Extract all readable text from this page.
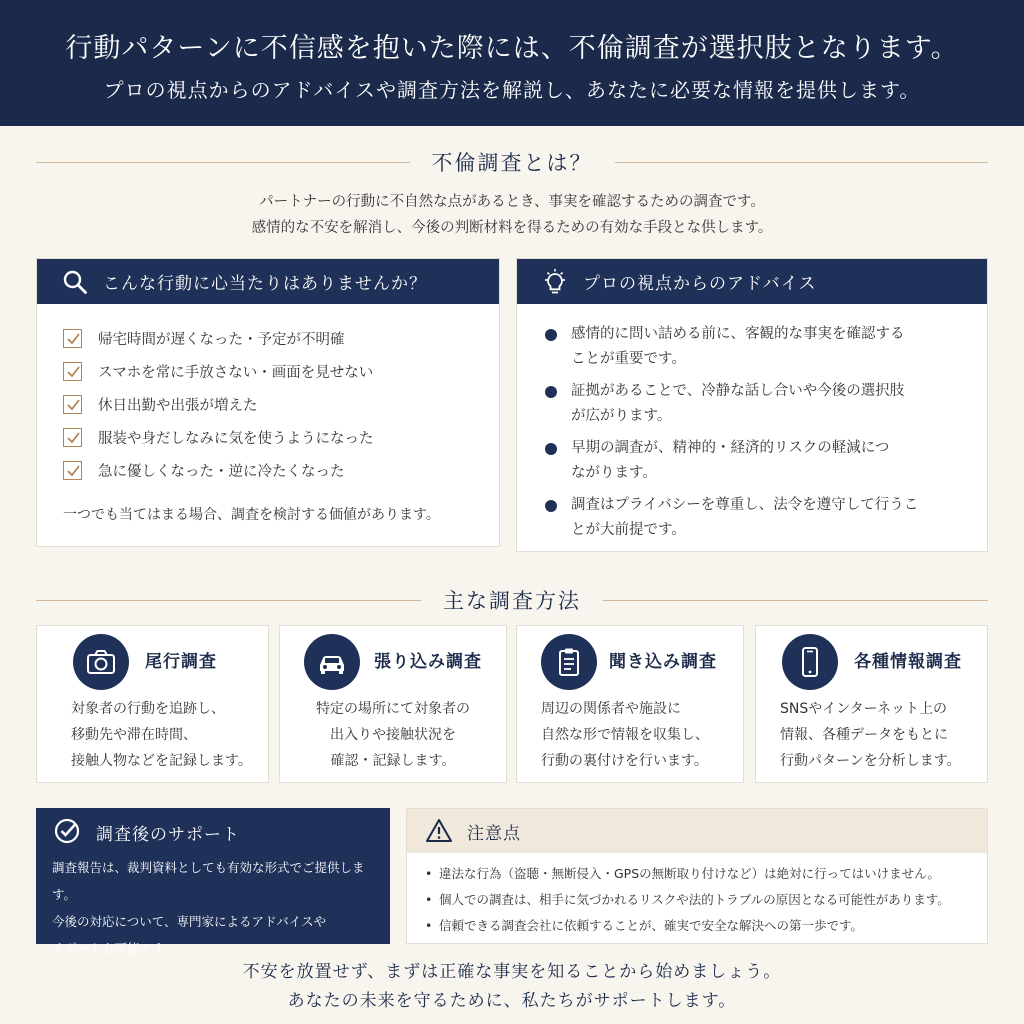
行動パターンに不信感を抱いた際には、不倫調査が選択肢となります。
プロの視点からのアドバイスや調査方法を解説し、あなたに必要な情報を提供します。
不倫調査とは？
パートナーの行動に不自然な点があるとき、事実を確認するための調査です。
感情的な不安を解消し、今後の判断材料を得るための有効な手段とな供します。
こんな行動に心当たりはありませんか？
帰宅時間が遅くなった・予定が不明確
スマホを常に手放さない・画面を見せない
休日出勤や出張が増えた
服装や身だしなみに気を使うようになった
急に優しくなった・逆に冷たくなった
一つでも当てはまる場合、調査を検討する価値があります。
プロの視点からのアドバイス
感情的に問い詰める前に、客観的な事実を確認する
ことが重要です。
証拠があることで、冷静な話し合いや今後の選択肢
が広がります。
早期の調査が、精神的・経済的リスクの軽減につ
ながります。
調査はプライバシーを尊重し、法令を遵守して行うこ
とが大前提です。
主な調査方法
尾行調査
対象者の行動を追跡し、
移動先や滞在時間、
接触人物などを記録します。
張り込み調査
特定の場所にて対象者の
出入りや接触状況を
確認・記録します。
聞き込み調査
周辺の関係者や施設に
自然な形で情報を収集し、
行動の裏付けを行います。
各種情報調査
SNSやインターネット上の
情報、各種データをもとに
行動パターンを分析します。
調査後のサポート
調査報告は、裁判資料としても有効な形式でご提供します。
今後の対応について、専門家によるアドバイスや
サポートも可能です。
注意点
• 違法な行為（盗聴・無断侵入・GPSの無断取り付けなど）は絶対に行ってはいけません。
• 個人での調査は、相手に気づかれるリスクや法的トラブルの原因となる可能性があります。
• 信頼できる調査会社に依頼することが、確実で安全な解決への第一歩です。
不安を放置せず、まずは正確な事実を知ることから始めましょう。
あなたの未来を守るために、私たちがサポートします。
